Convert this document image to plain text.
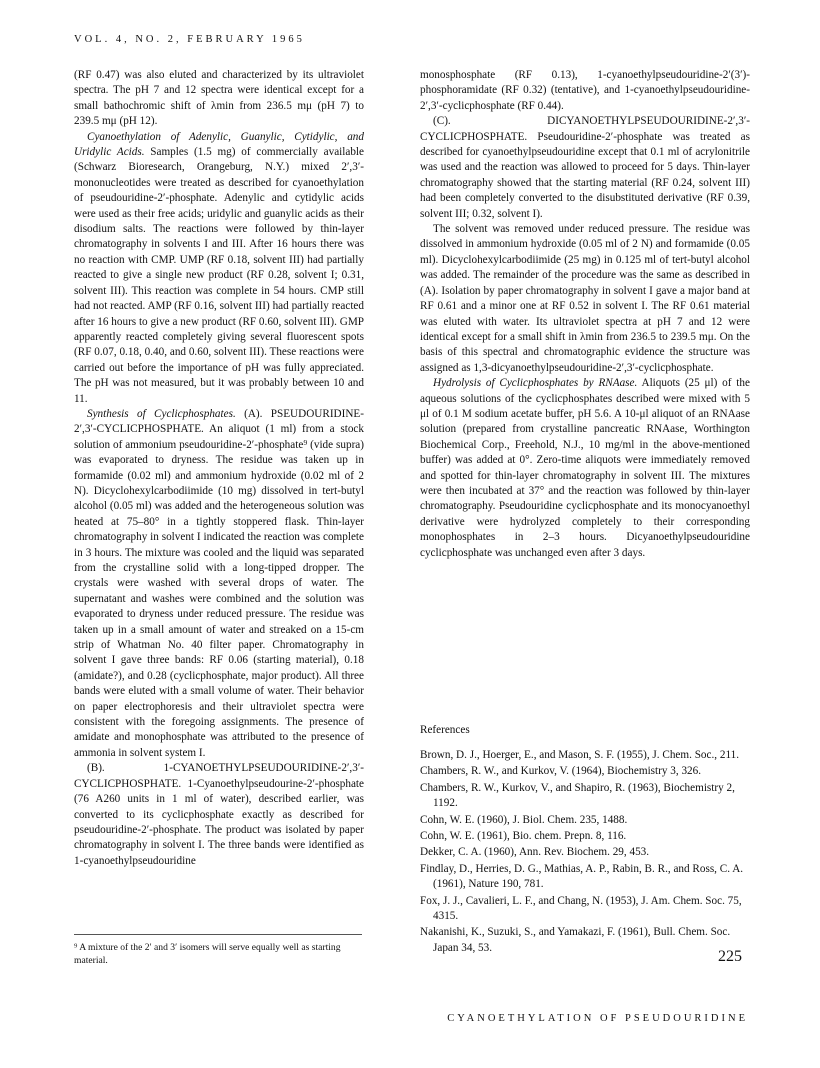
VOL. 4, NO. 2, FEBRUARY 1965

(RF 0.47) was also eluted and characterized by its ultraviolet spectra. The pH 7 and 12 spectra were identical except for a small bathochromic shift of λmin from 236.5 mμ (pH 7) to 239.5 mμ (pH 12).

Cyanoethylation of Adenylic, Guanylic, Cytidylic, and Uridylic Acids. Samples (1.5 mg) of commercially available (Schwarz Bioresearch, Orangeburg, N.Y.) mixed 2′,3′-mononucleotides were treated as described for cyanoethylation of pseudouridine-2′-phosphate. Adenylic and cytidylic acids were used as their free acids; uridylic and guanylic acids as their disodium salts. The reactions were followed by thin-layer chromatography in solvents I and III. After 16 hours there was no reaction with CMP. UMP (RF 0.18, solvent III) had partially reacted to give a single new product (RF 0.28, solvent I; 0.31, solvent III). This reaction was complete in 54 hours. CMP still had not reacted. AMP (RF 0.16, solvent III) had partially reacted after 16 hours to give a new product (RF 0.60, solvent III). GMP apparently reacted completely giving several fluorescent spots (RF 0.07, 0.18, 0.40, and 0.60, solvent III). These reactions were carried out before the importance of pH was fully appreciated. The pH was not measured, but it was probably between 10 and 11.

Synthesis of Cyclicphosphates. (A). PSEUDOURIDINE-2′,3′-CYCLICPHOSPHATE. An aliquot (1 ml) from a stock solution of ammonium pseudouridine-2′-phosphate⁹ (vide supra) was evaporated to dryness. The residue was taken up in formamide (0.02 ml) and ammonium hydroxide (0.02 ml of 2 N). Dicyclohexylcarbodiimide (10 mg) dissolved in tert-butyl alcohol (0.05 ml) was added and the heterogeneous solution was heated at 75–80° in a tightly stoppered flask. Thin-layer chromatography in solvent I indicated the reaction was complete in 3 hours. The mixture was cooled and the liquid was separated from the crystalline solid with a long-tipped dropper. The crystals were washed with several drops of water. The supernatant and washes were combined and the solution was evaporated to dryness under reduced pressure. The residue was taken up in a small amount of water and streaked on a 15-cm strip of Whatman No. 40 filter paper. Chromatography in solvent I gave three bands: RF 0.06 (starting material), 0.18 (amidate?), and 0.28 (cyclicphosphate, major product). All three bands were eluted with a small volume of water. Their behavior on paper electrophoresis and their ultraviolet spectra were consistent with the foregoing assignments. The presence of amidate and monophosphate was attributed to the presence of ammonia in solvent system I.

(B). 1-CYANOETHYLPSEUDOURIDINE-2′,3′-CYCLICPHOSPHATE. 1-Cyanoethylpseudourine-2′-phosphate (76 A260 units in 1 ml of water), described earlier, was converted to its cyclicphosphate exactly as described for pseudouridine-2′-phosphate. The product was isolated by paper chromatography in solvent I. The three bands were identified as 1-cyanoethylpseudouridine

monosphosphate (RF 0.13), 1-cyanoethylpseudouridine-2′(3′)-phosphoramidate (RF 0.32) (tentative), and 1-cyanoethylpseudouridine-2′,3′-cyclicphosphate (RF 0.44).

(C). DICYANOETHYLPSEUDOURIDINE-2′,3′-CYCLICPHOSPHATE. Pseudouridine-2′-phosphate was treated as described for cyanoethylpseudouridine except that 0.1 ml of acrylonitrile was used and the reaction was allowed to proceed for 5 days. Thin-layer chromatography showed that the starting material (RF 0.24, solvent III) had been completely converted to the disubstituted derivative (RF 0.39, solvent III; 0.32, solvent I).

The solvent was removed under reduced pressure. The residue was dissolved in ammonium hydroxide (0.05 ml of 2 N) and formamide (0.05 ml). Dicyclohexylcarbodiimide (25 mg) in 0.125 ml of tert-butyl alcohol was added. The remainder of the procedure was the same as described in (A). Isolation by paper chromatography in solvent I gave a major band at RF 0.61 and a minor one at RF 0.52 in solvent I. The RF 0.61 material was eluted with water. Its ultraviolet spectra at pH 7 and 12 were identical except for a small shift in λmin from 236.5 to 239.5 mμ. On the basis of this spectral and chromatographic evidence the structure was assigned as 1,3-dicyanoethylpseudouridine-2′,3′-cyclicphosphate.

Hydrolysis of Cyclicphosphates by RNAase. Aliquots (25 μl) of the aqueous solutions of the cyclicphosphates described were mixed with 5 μl of 0.1 M sodium acetate buffer, pH 5.6. A 10-μl aliquot of an RNAase solution (prepared from crystalline pancreatic RNAase, Worthington Biochemical Corp., Freehold, N.J., 10 mg/ml in the above-mentioned buffer) was added at 0°. Zero-time aliquots were immediately removed and spotted for thin-layer chromatography in solvent III. The mixtures were then incubated at 37° and the reaction was followed by thin-layer chromatography. Pseudouridine cyclicphosphate and its monocyanoethyl derivative were hydrolyzed completely to their corresponding monophosphates in 2–3 hours. Dicyanoethylpseudouridine cyclicphosphate was unchanged even after 3 days.

References
Brown, D. J., Hoerger, E., and Mason, S. F. (1955), J. Chem. Soc., 211.
Chambers, R. W., and Kurkov, V. (1964), Biochemistry 3, 326.
Chambers, R. W., Kurkov, V., and Shapiro, R. (1963), Biochemistry 2, 1192.
Cohn, W. E. (1960), J. Biol. Chem. 235, 1488.
Cohn, W. E. (1961), Bio. chem. Prepn. 8, 116.
Dekker, C. A. (1960), Ann. Rev. Biochem. 29, 453.
Findlay, D., Herries, D. G., Mathias, A. P., Rabin, B. R., and Ross, C. A. (1961), Nature 190, 781.
Fox, J. J., Cavalieri, L. F., and Chang, N. (1953), J. Am. Chem. Soc. 75, 4315.
Nakanishi, K., Suzuki, S., and Yamakazi, F. (1961), Bull. Chem. Soc. Japan 34, 53.
⁹ A mixture of the 2′ and 3′ isomers will serve equally well as starting material.	225
CYANOETHYLATION OF PSEUDOURIDINE
